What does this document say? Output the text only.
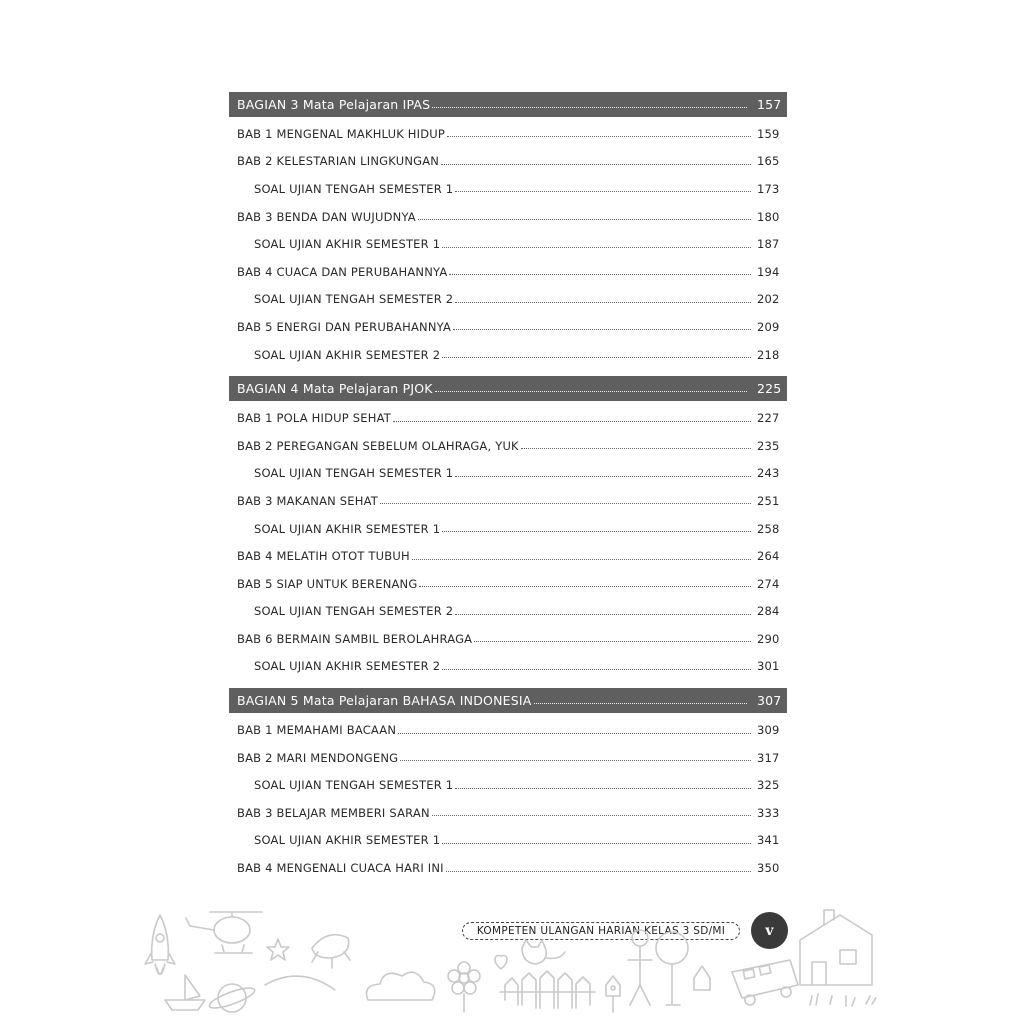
BAGIAN 3 Mata Pelajaran IPAS	157
BAB 1 MENGENAL MAKHLUK HIDUP	159
BAB 2 KELESTARIAN LINGKUNGAN	165
SOAL UJIAN TENGAH SEMESTER 1	173
BAB 3 BENDA DAN WUJUDNYA	180
SOAL UJIAN AKHIR SEMESTER 1	187
BAB 4 CUACA DAN PERUBAHANNYA	194
SOAL UJIAN TENGAH SEMESTER 2	202
BAB 5 ENERGI DAN PERUBAHANNYA	209
SOAL UJIAN AKHIR SEMESTER 2	218
BAGIAN 4 Mata Pelajaran PJOK	225
BAB 1 POLA HIDUP SEHAT	227
BAB 2 PEREGANGAN SEBELUM OLAHRAGA, YUK	235
SOAL UJIAN TENGAH SEMESTER 1	243
BAB 3 MAKANAN SEHAT	251
SOAL UJIAN AKHIR SEMESTER 1	258
BAB 4 MELATIH OTOT TUBUH	264
BAB 5 SIAP UNTUK BERENANG	274
SOAL UJIAN TENGAH SEMESTER 2	284
BAB 6 BERMAIN SAMBIL BEROLAHRAGA	290
SOAL UJIAN AKHIR SEMESTER 2	301
BAGIAN 5 Mata Pelajaran BAHASA INDONESIA	307
BAB 1 MEMAHAMI BACAAN	309
BAB 2 MARI MENDONGENG	317
SOAL UJIAN TENGAH SEMESTER 1	325
BAB 3 BELAJAR MEMBERI SARAN	333
SOAL UJIAN AKHIR SEMESTER 1	341
BAB 4 MENGENALI CUACA HARI INI	350
KOMPETEN ULANGAN HARIAN KELAS 3 SD/MI	v
